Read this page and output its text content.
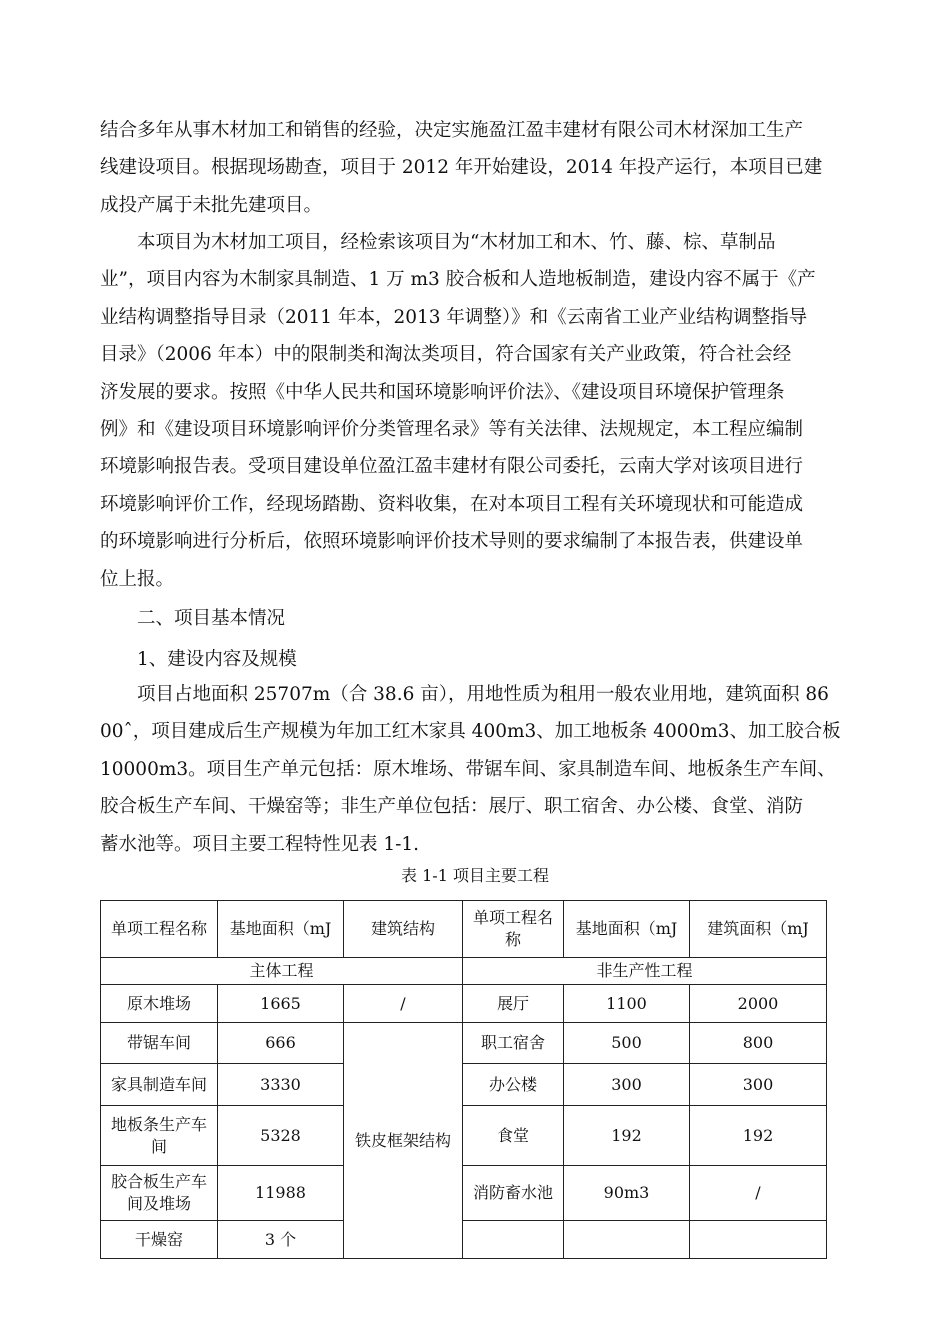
结合多年从事木材加工和销售的经验，决定实施盈江盈丰建材有限公司木材深加工生产
线建设项目。根据现场勘查，项目于 2012 年开始建设，2014 年投产运行，本项目已建
成投产属于未批先建项目。
　　本项目为木材加工项目，经检索该项目为“木材加工和木、竹、藤、棕、草制品
业”，项目内容为木制家具制造、1 万 m3 胶合板和人造地板制造，建设内容不属于《产
业结构调整指导目录（2011 年本，2013 年调整）》和《云南省工业产业结构调整指导
目录》（2006 年本）中的限制类和淘汰类项目，符合国家有关产业政策，符合社会经
济发展的要求。按照《中华人民共和国环境影响评价法》、《建设项目环境保护管理条
例》和《建设项目环境影响评价分类管理名录》等有关法律、法规规定，本工程应编制
环境影响报告表。受项目建设单位盈江盈丰建材有限公司委托，云南大学对该项目进行
环境影响评价工作，经现场踏勘、资料收集，在对本项目工程有关环境现状和可能造成
的环境影响进行分析后，依照环境影响评价技术导则的要求编制了本报告表，供建设单
位上报。

二、项目基本情况

1、建设内容及规模

　　项目占地面积 25707m（合 38.6 亩），用地性质为租用一般农业用地，建筑面积 86
00ˆ，项目建成后生产规模为年加工红木家具 400m3、加工地板条 4000m3、加工胶合板
10000m3。项目生产单元包括：原木堆场、带锯车间、家具制造车间、地板条生产车间、
胶合板生产车间、干燥窑等；非生产单位包括：展厅、职工宿舍、办公楼、食堂、消防
蓄水池等。项目主要工程特性见表 1-1.
表 1-1 项目主要工程
单项工程名称	基地面积（mJ	建筑结构	单项工程名称	基地面积（mJ	建筑面积（mJ
主体工程			非生产性工程		
原木堆场	1665	/	展厅	1100	2000
带锯车间	666	铁皮框架结构	职工宿舍	500	800
家具制造车间	3330		办公楼	300	300
地板条生产车间	5328		食堂	192	192
胶合板生产车间及堆场	11988		消防畜水池	90m3	/
干燥窑	3 个				
